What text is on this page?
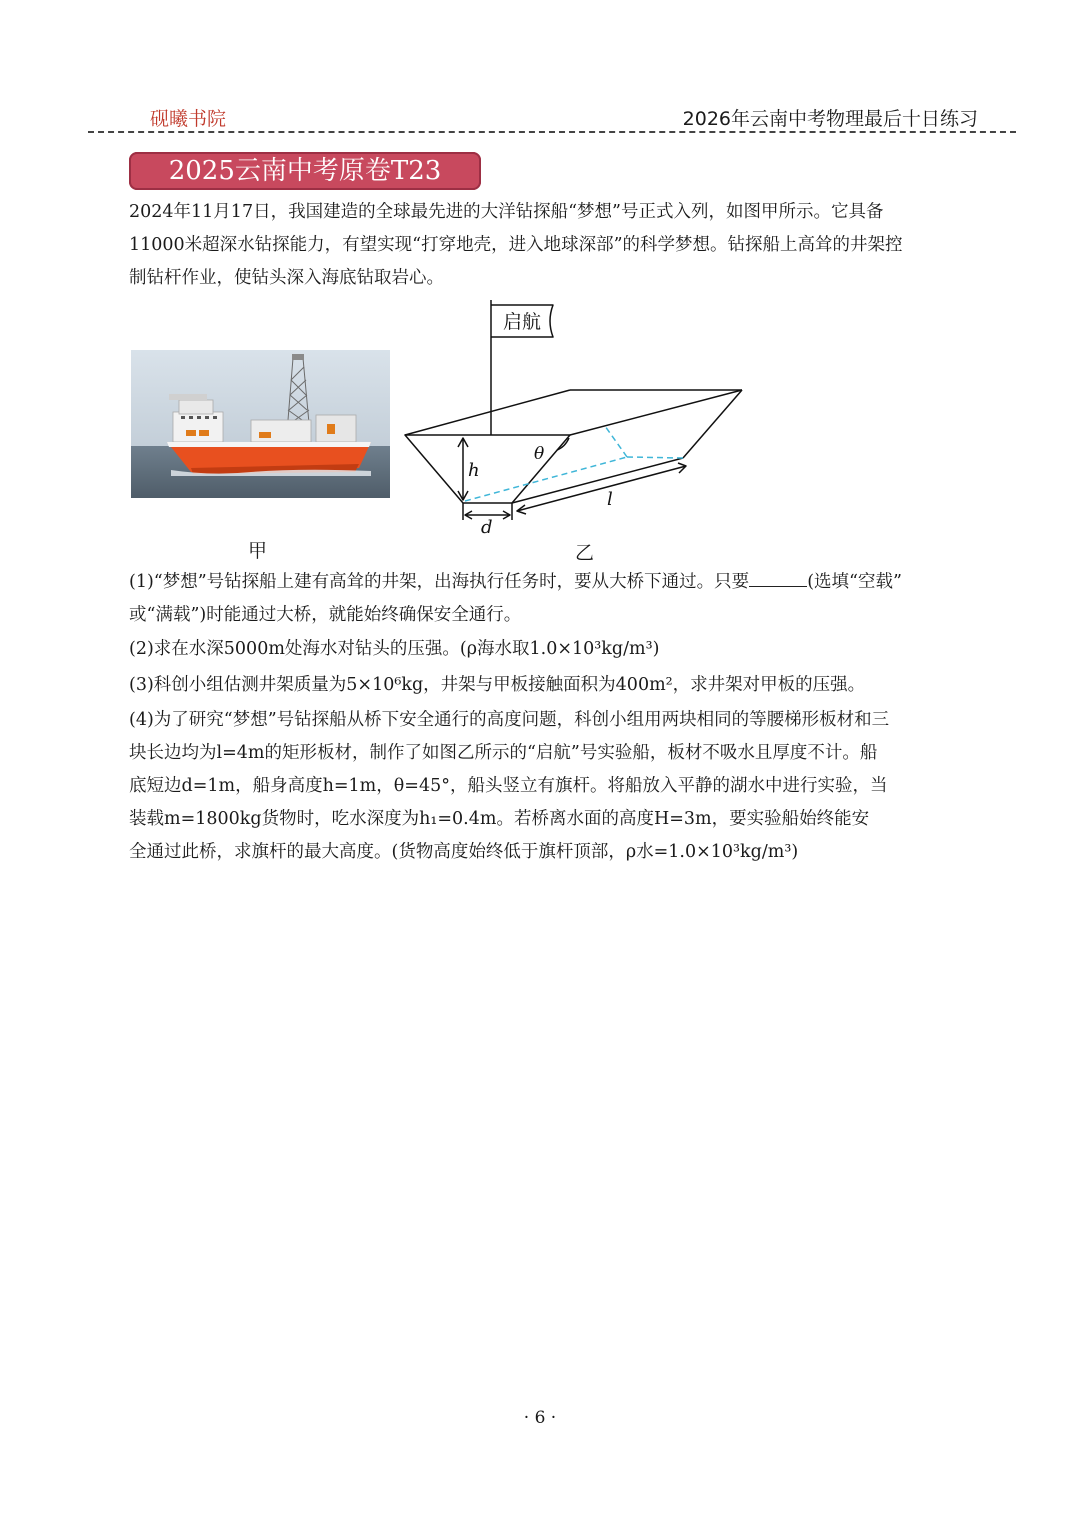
砚曦书院	2026年云南中考物理最后十日练习
2025云南中考原卷T23

2024年11月17日，我国建造的全球最先进的大洋钻探船“梦想”号正式入列，如图甲所示。它具备
11000米超深水钻探能力，有望实现“打穿地壳，进入地球深部”的科学梦想。钻探船上高耸的井架控
制钻杆作业，使钻头深入海底钻取岩心。

甲
启航
h
θ
d
l
乙
(1)“梦想”号钻探船上建有高耸的井架，出海执行任务时，要从大桥下通过。只要	(选填“空载”
或“满载”)时能通过大桥，就能始终确保安全通行。
(2)求在水深5000m处海水对钻头的压强。(ρ海水取1.0×10³kg/m³)
(3)科创小组估测井架质量为5×10⁶kg，井架与甲板接触面积为400m²，求井架对甲板的压强。
(4)为了研究“梦想”号钻探船从桥下安全通行的高度问题，科创小组用两块相同的等腰梯形板材和三
块长边均为l=4m的矩形板材，制作了如图乙所示的“启航”号实验船，板材不吸水且厚度不计。船
底短边d=1m，船身高度h=1m，θ=45°，船头竖立有旗杆。将船放入平静的湖水中进行实验，当
装载m=1800kg货物时，吃水深度为h₁=0.4m。若桥离水面的高度H=3m，要实验船始终能安
全通过此桥，求旗杆的最大高度。(货物高度始终低于旗杆顶部，ρ水=1.0×10³kg/m³)
· 6 ·
